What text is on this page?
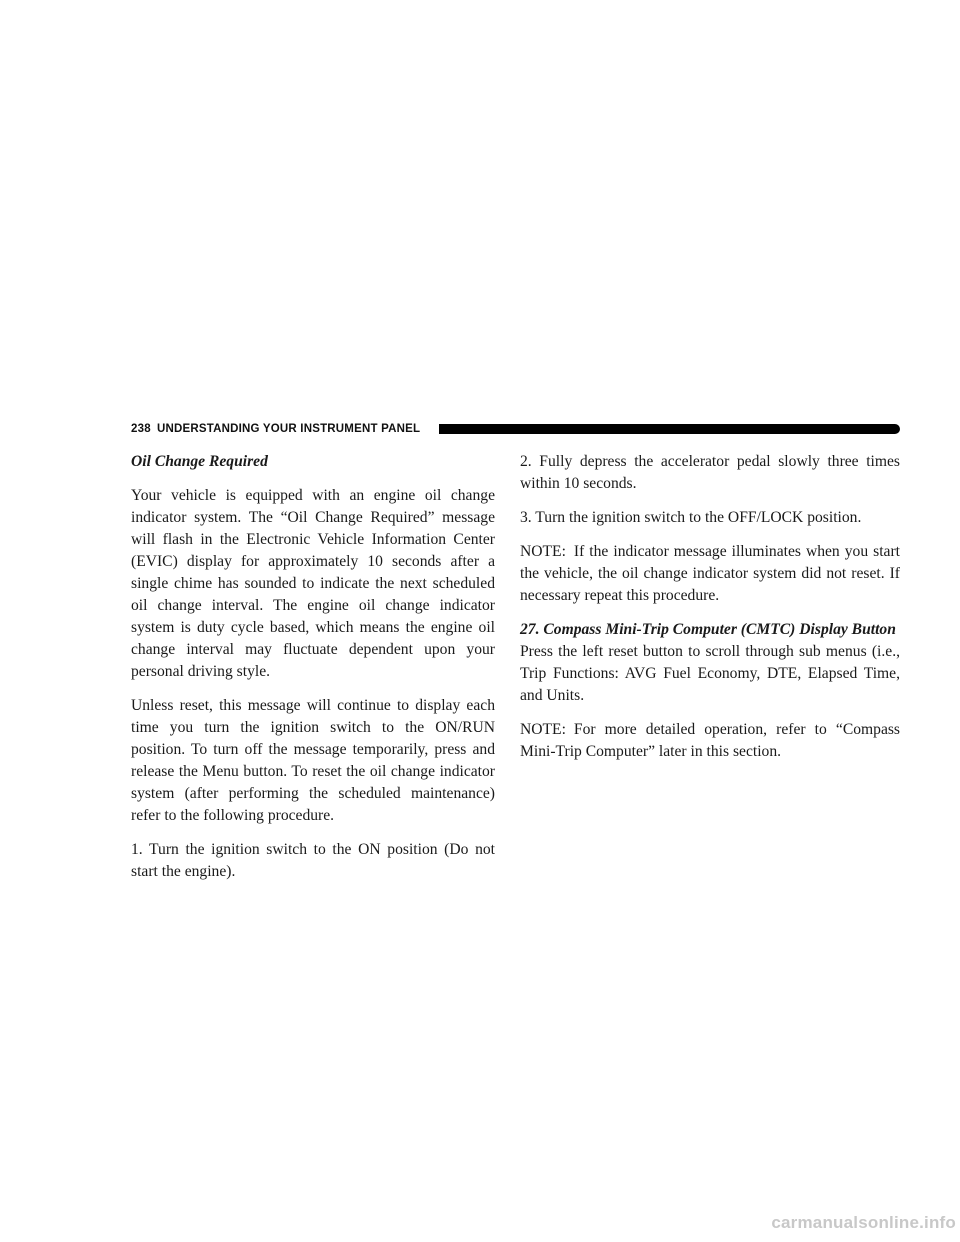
238 UNDERSTANDING YOUR INSTRUMENT PANEL

Oil Change Required

Your vehicle is equipped with an engine oil change indicator system. The “Oil Change Required” message will flash in the Electronic Vehicle Information Center (EVIC) display for approximately 10 seconds after a single chime has sounded to indicate the next scheduled oil change interval. The engine oil change indicator system is duty cycle based, which means the engine oil change interval may fluctuate dependent upon your personal driving style.

Unless reset, this message will continue to display each time you turn the ignition switch to the ON/RUN position. To turn off the message temporarily, press and release the Menu button. To reset the oil change indicator system (after performing the scheduled maintenance) refer to the following procedure.

1. Turn the ignition switch to the ON position (Do not start the engine).

2. Fully depress the accelerator pedal slowly three times within 10 seconds.

3. Turn the ignition switch to the OFF/LOCK position.

NOTE: If the indicator message illuminates when you start the vehicle, the oil change indicator system did not reset. If necessary repeat this procedure.

27. Compass Mini-Trip Computer (CMTC) Display Button

Press the left reset button to scroll through sub menus (i.e., Trip Functions: AVG Fuel Economy, DTE, Elapsed Time, and Units.

NOTE: For more detailed operation, refer to “Compass Mini-Trip Computer” later in this section.

carmanualsonline.info
